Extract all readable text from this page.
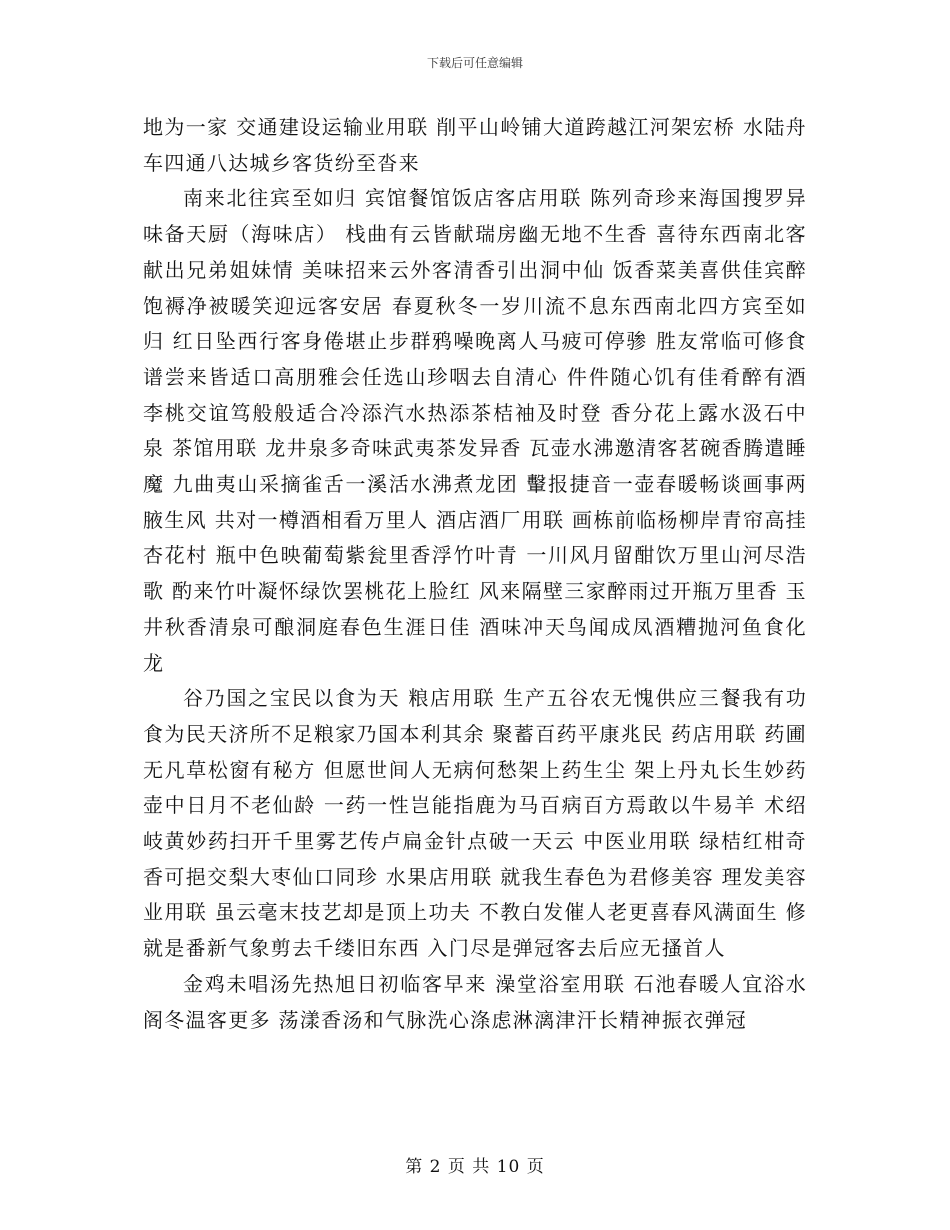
下载后可任意编辑

地为一家 交通建设运输业用联 削平山岭铺大道跨越江河架宏桥 水陆舟车四通八达城乡客货纷至沓来

南来北往宾至如归 宾馆餐馆饭店客店用联 陈列奇珍来海国搜罗异味备天厨（海味店） 栈曲有云皆献瑞房幽无地不生香 喜待东西南北客献出兄弟姐妹情 美味招来云外客清香引出洞中仙 饭香菜美喜供佳宾醉饱褥净被暖笑迎远客安居 春夏秋冬一岁川流不息东西南北四方宾至如归 红日坠西行客身倦堪止步群鸦噪晚离人马疲可停骖 胜友常临可修食谱尝来皆适口高朋雅会任选山珍咽去自清心 件件随心饥有佳肴醉有酒李桃交谊笃般般适合冷添汽水热添茶桔袖及时登 香分花上露水汲石中泉 茶馆用联 龙井泉多奇味武夷茶发异香 瓦壶水沸邀清客茗碗香腾遣睡魔 九曲夷山采摘雀舌一溪活水沸煮龙团 轚报捷音一壶春暖畅谈画事两腋生风 共对一樽酒相看万里人 酒店酒厂用联 画栋前临杨柳岸青帘高挂杏花村 瓶中色映葡萄紫瓮里香浮竹叶青 一川风月留酣饮万里山河尽浩歌 酌来竹叶凝怀绿饮罢桃花上脸红 风来隔壁三家醉雨过开瓶万里香 玉井秋香清泉可酿洞庭春色生涯日佳 酒味冲天鸟闻成凤酒糟抛河鱼食化龙

谷乃国之宝民以食为天 粮店用联 生产五谷农无愧供应三餐我有功 食为民天济所不足粮家乃国本利其余 聚蓄百药平康兆民 药店用联 药圃无凡草松窗有秘方 但愿世间人无病何愁架上药生尘 架上丹丸长生妙药壶中日月不老仙龄 一药一性岂能指鹿为马百病百方焉敢以牛易羊 术绍岐黄妙药扫开千里雾艺传卢扁金针点破一天云 中医业用联 绿桔红柑奇香可挹交梨大枣仙口同珍 水果店用联 就我生春色为君修美容 理发美容业用联 虽云毫末技艺却是顶上功夫 不教白发催人老更喜春风满面生 修就是番新气象剪去千缕旧东西 入门尽是弹冠客去后应无搔首人

金鸡未唱汤先热旭日初临客早来 澡堂浴室用联 石池春暖人宜浴水阁冬温客更多 荡漾香汤和气脉洗心涤虑淋漓津汗长精神振衣弹冠

第 2 页 共 10 页
